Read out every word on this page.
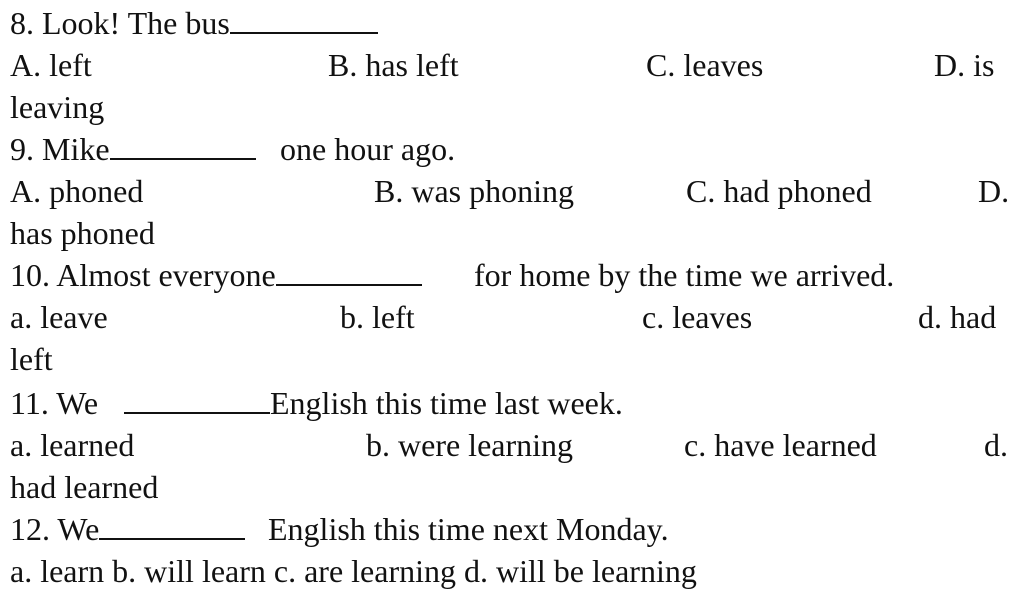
8. Look! The bus
A. left	B. has left	C. leaves	D. is
leaving
9. Mike	one hour ago.
A. phoned	B. was phoning	C. had phoned	D.
has phoned
10. Almost everyone	for home by the time we arrived.
a. leave	b. left	c. leaves	d. had
left
11. We	English this time last week.
a. learned	b. were learning	c. have learned	d.
had learned
12. We	English this time next Monday.
a. learn b. will learn c. are learning d. will be learning
